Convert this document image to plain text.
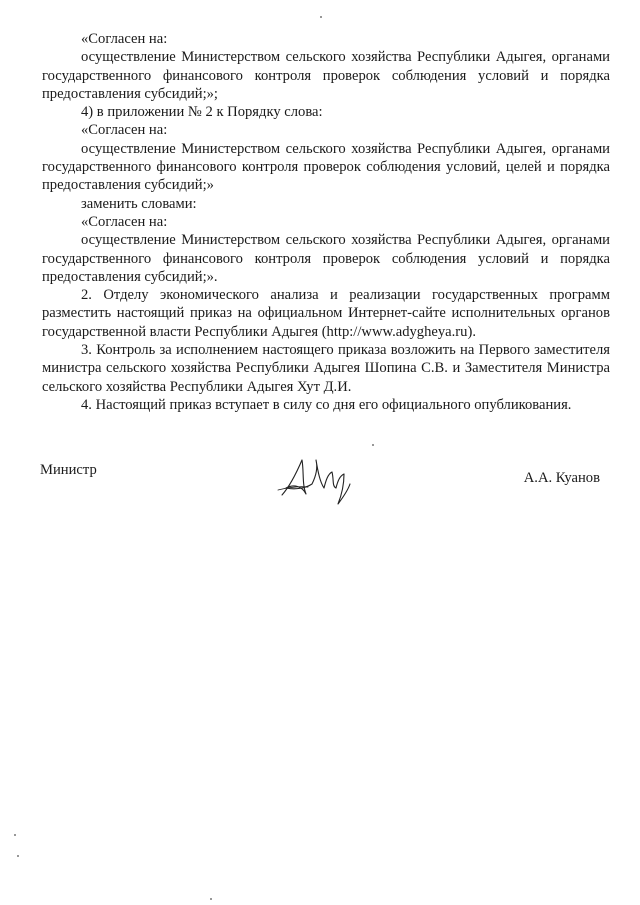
«Согласен на:

осуществление Министерством сельского хозяйства Республики Адыгея, органами государственного финансового контроля проверок соблюдения условий и порядка предоставления субсидий;»;

4) в приложении № 2 к Порядку слова:

«Согласен на:

осуществление Министерством сельского хозяйства Республики Адыгея, органами государственного финансового контроля проверок соблюдения условий, целей и порядка предоставления субсидий;»

заменить словами:

«Согласен на:

осуществление Министерством сельского хозяйства Республики Адыгея, органами государственного финансового контроля проверок соблюдения условий и порядка предоставления субсидий;».

2. Отделу экономического анализа и реализации государственных программ разместить настоящий приказ на официальном Интернет-сайте исполнительных органов государственной власти Республики Адыгея (http://www.adygheya.ru).

3. Контроль за исполнением настоящего приказа возложить на Первого заместителя министра сельского хозяйства Республики Адыгея Шопина С.В. и Заместителя Министра сельского хозяйства Республики Адыгея Хут Д.И.

4. Настоящий приказ вступает в силу со дня его официального опубликования.

Министр	А.А. Куанов
